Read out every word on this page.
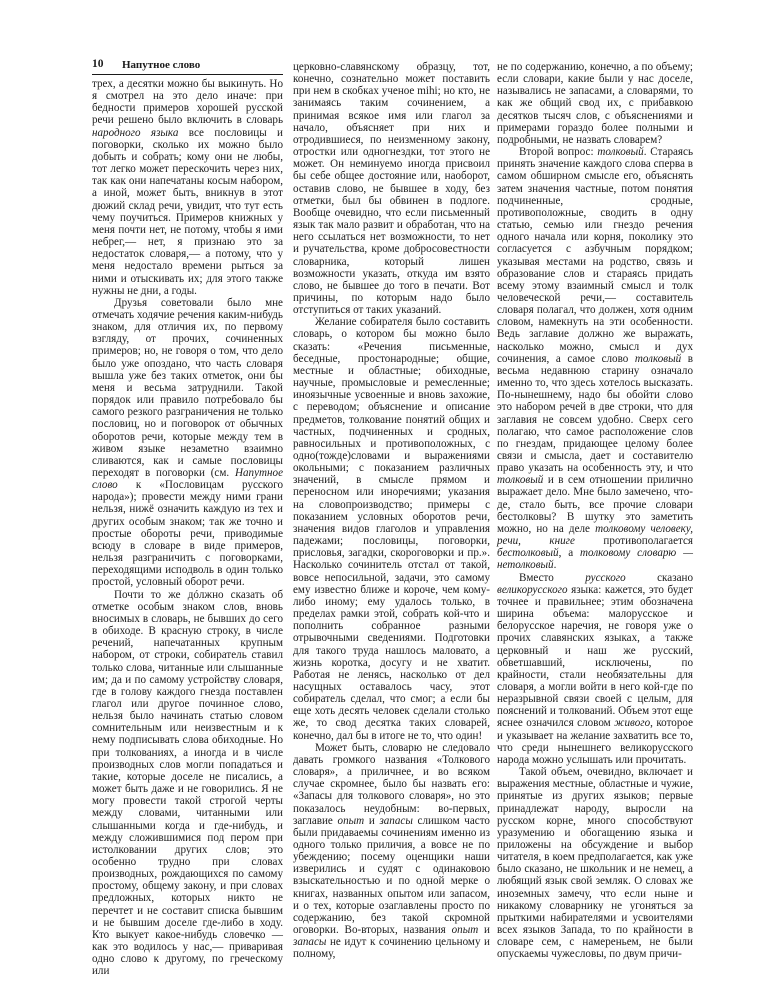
10 Напутное слово

трех, а десятки можно бы выкинуть. Но я смотрел на это дело иначе: при бедности примеров хорошей русской речи решено было включить в словарь народного языка все пословицы и поговорки, сколько их можно было добыть и собрать; кому они не любы, тот легко может перескочить через них, так как они напечатаны косым набором, а иной, может быть, вникнув в этот дюжий склад речи, увидит, что тут есть чему поучиться. Примеров книжных у меня почти нет, не потому, чтобы я ими небрег,— нет, я признаю это за недостаток словаря,— а потому, что у меня недостало времени рыться за ними и отыскивать их; для этого также нужны не дни, а годы.

Друзья советовали было мне отмечать ходячие речения каким-нибудь знаком, для отличия их, по первому взгляду, от прочих, сочиненных примеров; но, не говоря о том, что дело было уже опоздано, что часть словаря вышла уже без таких отметок, они бы меня и весьма затруднили. Такой порядок или правило потребовало бы самого резкого разграничения не только пословиц, но и поговорок от обычных оборотов речи, которые между тем в живом языке незаметно взаимно сливаются, как и самые пословицы переходят в поговорки (см. Напутное слово к «Пословицам русского народа»); провести между ними грани нельзя, нижё означить каждую из тех и других особым знаком; так же точно и простые обороты речи, приводимые всюду в словаре в виде примеров, нельзя разграничить с поговорками, переходящими исподволь в один только простой, условный оборот речи.

Почти то же дóлжно сказать об отметке особым знаком слов, вновь вносимых в словарь, не бывших до сего в обиходе. В красную строку, в числе речений, напечатанных крупным набором, от строки, собиратель ставил только слова, читанные или слышанные им; да и по самому устройству словаря, где в голову каждого гнезда поставлен глагол или другое починное слово, нельзя было начинать статью словом сомнительным или неизвестным и к нему подписывать слова обиходные. Но при толкованиях, а иногда и в числе производных слов могли попадаться и такие, которые доселе не писались, а может быть даже и не говорились. Я не могу провести такой строгой черты между словами, читанными или слышанными когда и где-нибудь, и между сложившимися под пером при истолковании других слов; это особенно трудно при словах производных, рождающихся по самому простому, общему закону, и при словах предложных, которых никто не перечтет и не составит списка бывшим и не бывшим доселе где-либо в ходу. Кто выкует какое-нибудь словечко — как это водилось у нас,— приваривая одно слово к другому, по греческому или

церковно-славянскому образцу, тот, конечно, сознательно может поставить при нем в скобках ученое mihi; но кто, не занимаясь таким сочинением, а принимая всякое имя или глагол за начало, объясняет при них и отродившиеся, по неизменному закону, отростки или одногнездки, тот этого не может. Он неминуемо иногда присвоил бы себе общее достояние или, наоборот, оставив слово, не бывшее в ходу, без отметки, был бы обвинен в подлоге. Вообще очевидно, что если письменный язык так мало развит и обработан, что на него ссылаться нет возможности, то нет и ручательства, кроме добросовестности словарника, который лишен возможности указать, откуда им взято слово, не бывшее до того в печати. Вот причины, по которым надо было отступиться от таких указаний.

Желание собирателя было составить словарь, о котором бы можно было сказать: «Речения письменные, беседные, простонародные; общие, местные и областные; обиходные, научные, промысловые и ремесленные; иноязычные усвоенные и вновь захожие, с переводом; объяснение и описание предметов, толкование понятий общих и частных, подчиненных и сродных, равносильных и противоположных, с одно(тожде)словами и выражениями окольными; с показанием различных значений, в смысле прямом и переносном или иноречиями; указания на словопроизводство; примеры с показанием условных оборотов речи, значения видов глаголов и управления падежами; пословицы, поговорки, присловья, загадки, скороговорки и пр.». Насколько сочинитель отстал от такой, вовсе непосильной, задачи, это самому ему известно ближе и короче, чем кому-либо иному; ему удалось только, в пределах рамки этой, собрать кой-что и пополнить собранное разными отрывочными сведениями. Подготовки для такого труда нашлось маловато, а жизнь коротка, досугу и не хватит. Работая не ленясь, насколько от дел насущных оставалось часу, этот собиратель сделал, что смог; а если бы еще хоть десять человек сделали столько же, то свод десятка таких словарей, конечно, дал бы в итоге не то, что один!

Может быть, словарю не следовало давать громкого названия «Толкового словаря», а приличнее, и во всяком случае скромнее, было бы назвать его: «Запасы для толкового словаря», но это показалось неудобным: во-первых, заглавие опыт и запасы слишком часто были придаваемы сочинениям именно из одного только приличия, а вовсе не по убеждению; посему оценщики наши изверились и судят с одинаковою взыскательностью и по одной мерке о книгах, названных опытом или запасом, и о тех, которые озаглавлены просто по содержанию, без такой скромной оговорки. Во-вторых, названия опыт и запасы не идут к сочинению цельному и полному,

не по содержанию, конечно, а по объему; если словари, какие были у нас доселе, назывались не запасами, а словарями, то как же общий свод их, с прибавкою десятков тысяч слов, с объяснениями и примерами гораздо более полными и подробными, не назвать словарем?

Второй вопрос: толковый. Стараясь принять значение каждого слова сперва в самом обширном смысле его, объяснять затем значения частные, потом понятия подчиненные, сродные, противоположные, сводить в одну статью, семью или гнездо речения одного начала или корня, поколику это согласуется с азбучным порядком; указывая местами на родство, связь и образование слов и стараясь придать всему этому взаимный смысл и толк человеческой речи,— составитель словаря полагал, что должен, хотя одним словом, намекнуть на эти особенности. Ведь заглавие должно же выражать, насколько можно, смысл и дух сочинения, а самое слово толковый в весьма недавнюю старину означало именно то, что здесь хотелось высказать. По-нынешнему, надо бы обойти слово это набором речей в две строки, что для заглавия не совсем удобно. Сверх сего полагаю, что самое расположение слов по гнездам, придающее целому более связи и смысла, дает и составителю право указать на особенность эту, и что толковый и в сем отношении прилично выражает дело. Мне было замечено, что-де, стало быть, все прочие словари бестолковы? В шутку это заметить можно, но на деле толковому человеку, речи, книге противополагается бестолковый, а толковому словарю — нетолковый.

Вместо русского сказано великорусского языка: кажется, это будет точнее и правильнее; этим обозначена ширина объема: малорусское и белорусское наречия, не говоря уже о прочих славянских языках, а также церковный и наш же русский, обветшавший, исключены, по крайности, стали необязательны для словаря, а могли войти в него кой-где по неразрывной связи своей с целым, для пояснений и толкований. Объем этот еще яснее означился словом живого, которое и указывает на желание захватить все то, что среди нынешнего великорусского народа можно услышать или прочитать.

Такой объем, очевидно, включает и выражения местные, областные и чужие, принятые из других языков; первые принадлежат народу, выросли на русском корне, много способствуют уразумению и обогащению языка и приложены на обсуждение и выбор читателя, в коем предполагается, как уже было сказано, не школьник и не немец, а любящий язык свой земляк. О словах же иноземных замечу, что если ныне и никакому словарнику не угоняться за прыткими набирателями и усвоителями всех языков Запада, то по крайности в словаре сем, с намереньем, не были опускаемы чужесловы, по двум причи-
